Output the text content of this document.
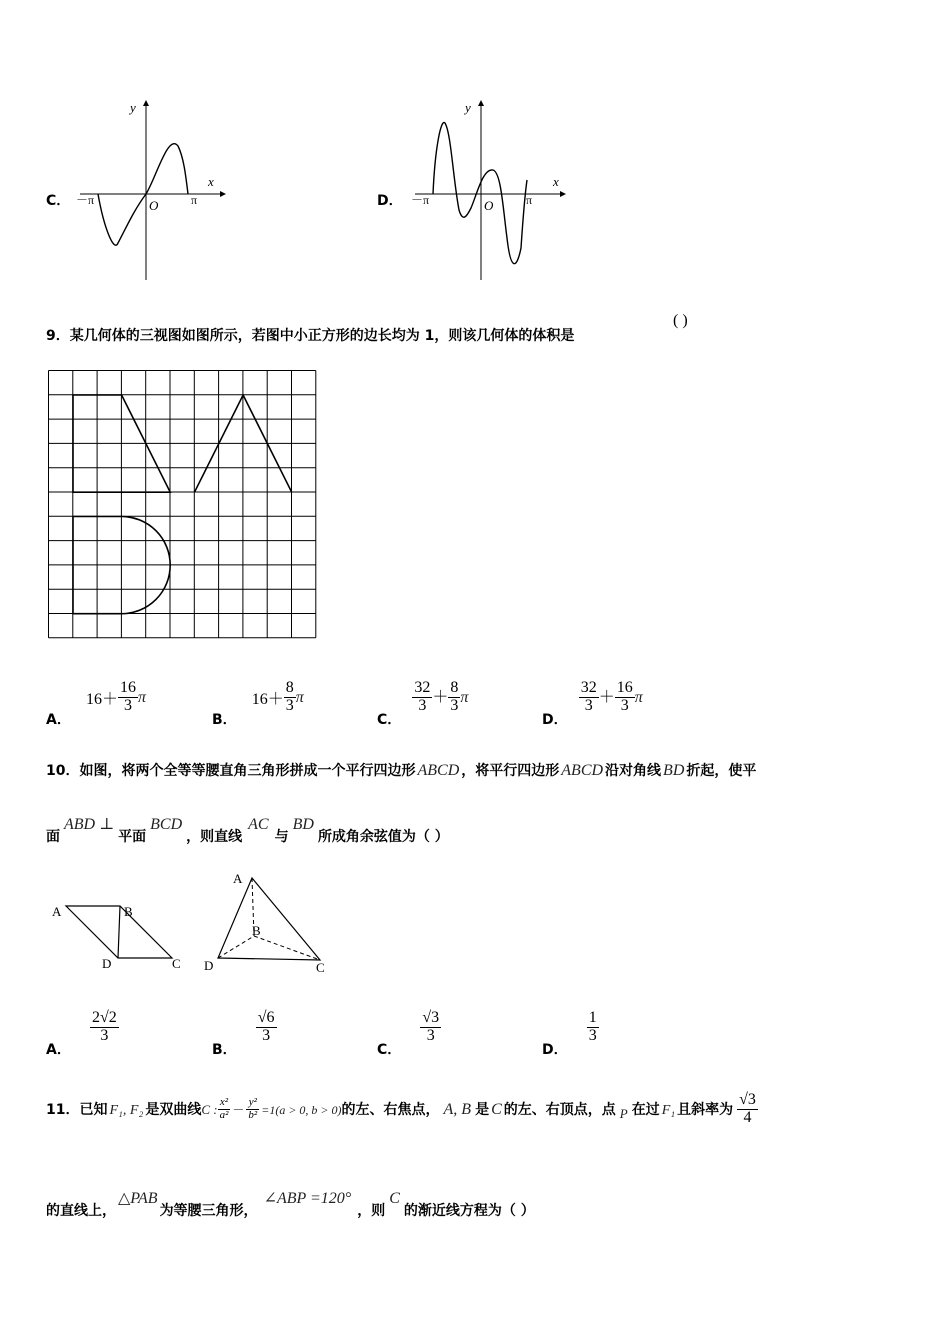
C．
y
x
O
－π	π	D．
y
x
O
－π	π
9．某几何体的三视图如图所示，若图中小正方形的边长均为 1，则该几何体的体积是
( )
A． $16+ \frac{16}{3}$ π
B． $16+ \frac{8}{3}$ π
C．
$\frac{32}{3} + \frac{8}{3}$ π
D．
$\frac{32}{3} + \frac{16}{3}$ π
10．如图，将两个全等等腰直角三角形拼成一个平行四边形 ABCD ，将平行四边形 ABCD 沿对角线 BD 折起，使平
面ABD ⊥平面BCD，则直线AC与BD所成角余弦值为（ ）
A	B
C
D
A
B
C
D
A．
$\frac{2√2}{3}$
B．
$\frac{√6}{3}$
C．
$\frac{√3}{3}$
D．
$\frac{1}{3}$
11．已知 F₁, F₂ 是双曲线C : $\frac{\text{x²}}{\text{a²}} - \frac{\text{y²}}{\text{b²}} =1(a > 0$, b > 0)的左、右焦点， A, B 是 C 的左、右顶点，点 $_P$ 在过 F₁ 且斜率为 $\frac{√3}{4}$
的直线上，△PAB为等腰三角形，∠ABP =120°，则C的渐近线方程为（ ）
